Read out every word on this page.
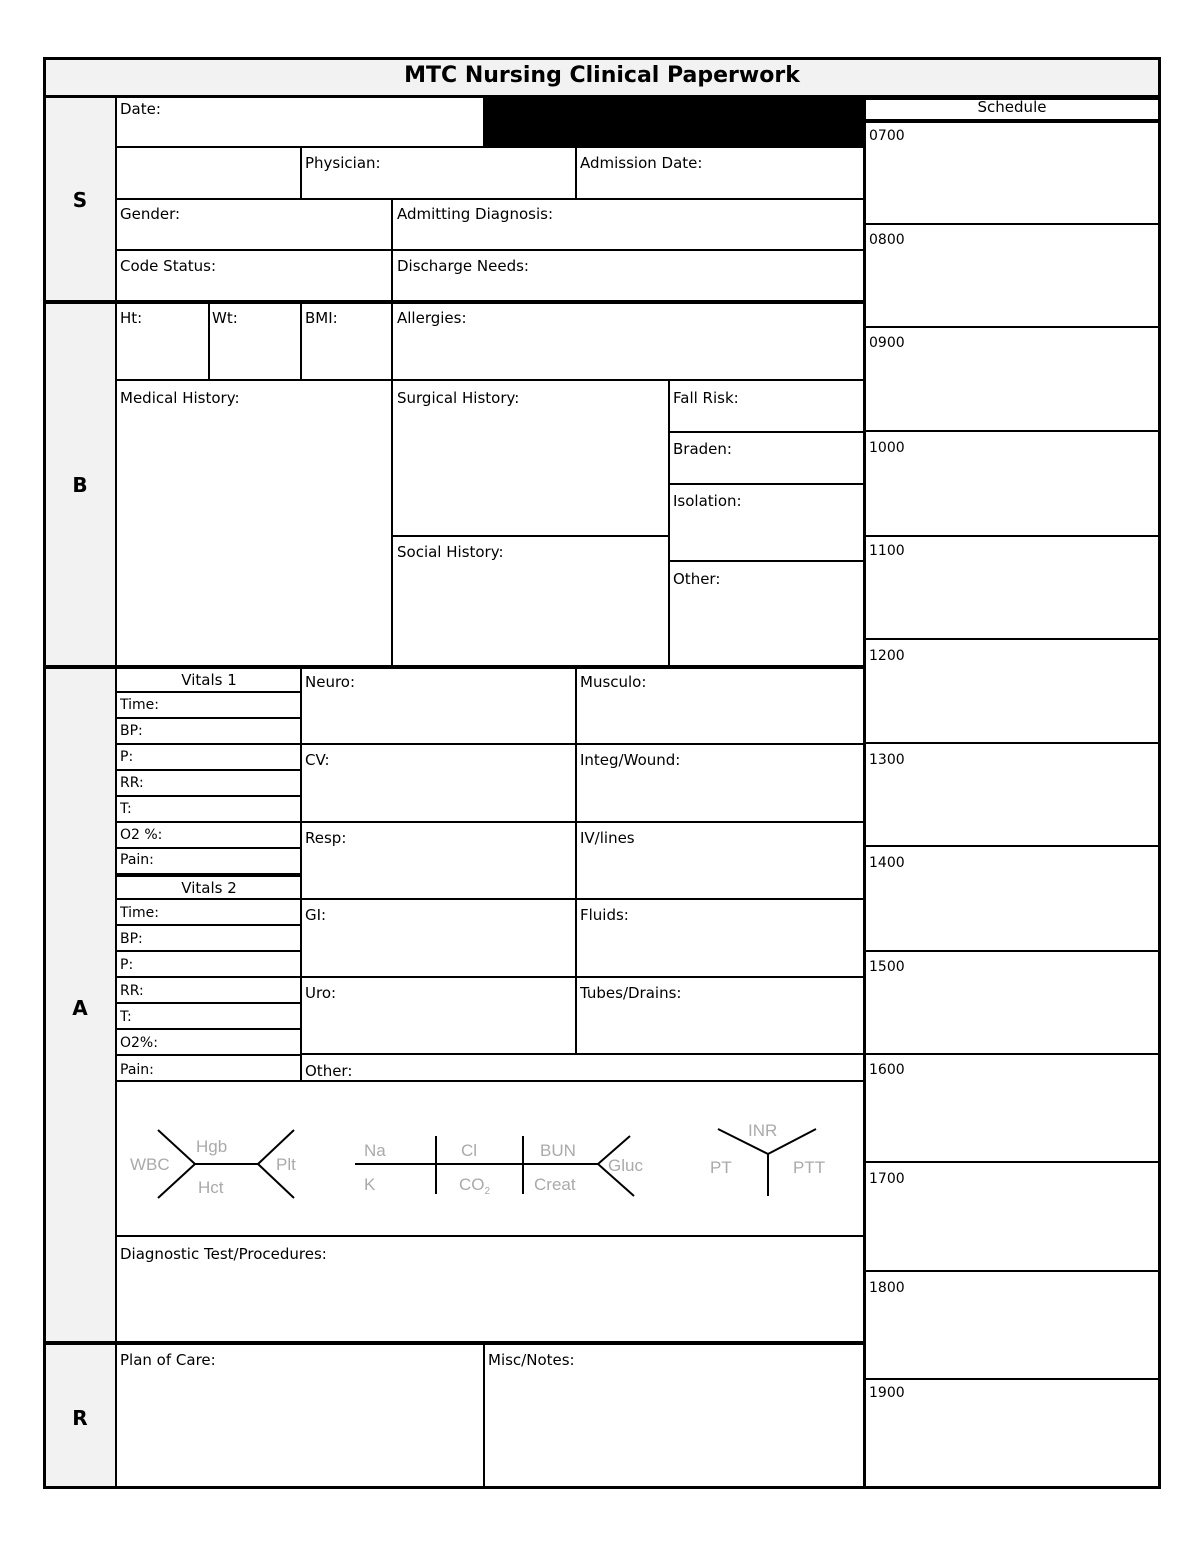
MTC Nursing Clinical Paperwork
S
B
A
R
Date:
Physician:	Admission Date:
Gender:	Admitting Diagnosis:
Code Status:	Discharge Needs:
Ht:	Wt:	BMI:	Allergies:
Medical History:	Surgical History:
Social History:
Fall Risk:
Braden:
Isolation:
Other:
Vitals 1
Time:
BP:
P:
RR:
T:
O2 %:
Pain:
Vitals 2
Time:
BP:
P:
RR:
T:
O2%:
Pain:
Neuro:	Musculo:
CV:	Integ/Wound:
Resp:	IV/lines
GI:	Fluids:
Uro:	Tubes/Drains:
Other:
WBC
Hgb
Hct
Plt
Na
K
Cl
$CO_2$
BUN
Creat
Gluc
INR
PT	PTT
Diagnostic Test/Procedures:
Plan of Care:	Misc/Notes:
Schedule
0700
0800
0900
1000
1100
1200
1300
1400
1500
1600
1700
1800
1900
